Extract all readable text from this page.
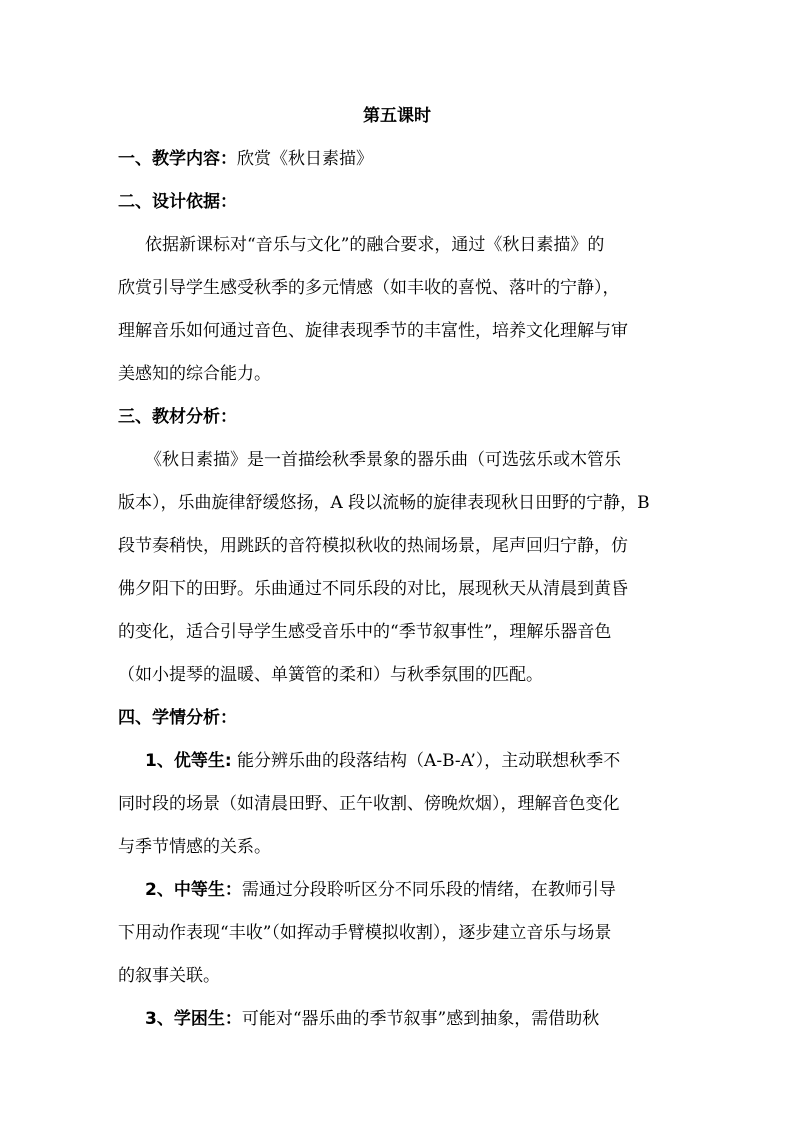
第五课时
一、教学内容：欣赏《秋日素描》
二、设计依据：
依据新课标对“音乐与文化”的融合要求，通过《秋日素描》的
欣赏引导学生感受秋季的多元情感（如丰收的喜悦、落叶的宁静），
理解音乐如何通过音色、旋律表现季节的丰富性，培养文化理解与审
美感知的综合能力。
三、教材分析：
《秋日素描》是一首描绘秋季景象的器乐曲（可选弦乐或木管乐
版本），乐曲旋律舒缓悠扬，A 段以流畅的旋律表现秋日田野的宁静，B
段节奏稍快，用跳跃的音符模拟秋收的热闹场景，尾声回归宁静，仿
佛夕阳下的田野。乐曲通过不同乐段的对比，展现秋天从清晨到黄昏
的变化，适合引导学生感受音乐中的“季节叙事性”，理解乐器音色
（如小提琴的温暖、单簧管的柔和）与秋季氛围的匹配。
四、学情分析：
1、优等生: 能分辨乐曲的段落结构（A-B-A’），主动联想秋季不
同时段的场景（如清晨田野、正午收割、傍晚炊烟），理解音色变化
与季节情感的关系。
2、中等生：需通过分段聆听区分不同乐段的情绪，在教师引导
下用动作表现“丰收”（如挥动手臂模拟收割），逐步建立音乐与场景
的叙事关联。
3、学困生：可能对“器乐曲的季节叙事”感到抽象，需借助秋
